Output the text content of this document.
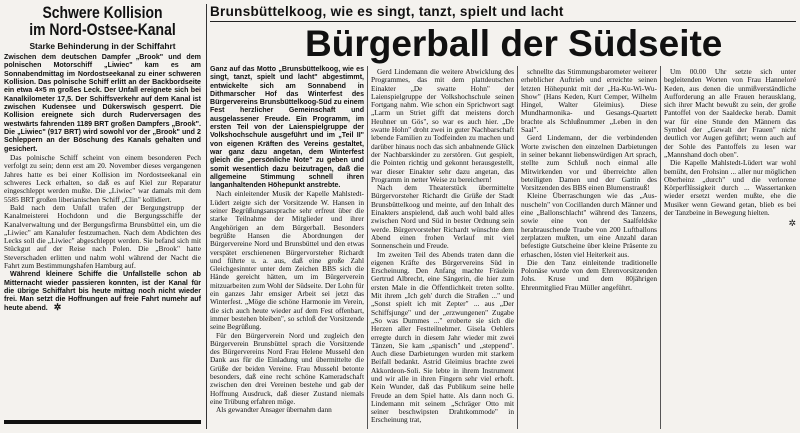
Schwere Kollision
im Nord-Ostsee-Kanal
Starke Behinderung in der Schiffahrt
Zwischen dem deutschen Dampfer „Brook" und dem polnischen Motorschiff „Liwiec" kam es am Sonnabendmittag im Nordostseekanal zu einer schweren Kollision. Das polnische Schiff erlitt an der Backbordseite ein etwa 4×5 m großes Leck. Der Unfall ereignete sich bei Kanalkilometer 17,5. Der Schiffsverkehr auf dem Kanal ist zwischen Kudensee und Dükerswisch gesperrt. Die Kollision ereignete sich durch Ruderversagen des westwärts fahrenden 1189 BRT großen Dampfers „Brook". Die „Liwiec" (917 BRT) wird sowohl vor der „Brook" und 2 Schleppern an der Böschung des Kanals gehalten und gesichert.

Das polnische Schiff scheint von einem besonderen Pech verfolgt zu sein; denn erst am 20. November dieses vergangenen Jahres hatte es bei einer Kollision im Nordostseekanal ein schweres Leck erhalten, so daß es auf Kiel zur Reparatur eingeschleppt werden mußte. Die „Liwiec" war damals mit dem 5585 BRT großen liberianischen Schiff „Clin" kollidiert.

Bald nach dem Unfall trafen der Bergungstrupp der Kanalmeisterei Hochdonn und die Bergungsschiffe der Kanalverwaltung und der Bergungsfirma Brunsbüttel ein, um die „Liwiec" am Kanalufer festzumachen. Nach dem Abdichten des Lecks soll die „Liwiec" abgeschleppt werden. Sie befand sich mit Stückgut auf der Reise nach Polen. Die „Brook" hatte Steverschaden erlitten und nahm wohl während der Nacht die Fahrt zum Bestimmungshafen Hamburg auf.

Während kleinere Schiffe die Unfallstelle schon ab Mitternacht wieder passieren konnten, ist der Kanal für die übrige Schiffahrt bis heute mittag noch nicht wieder frei. Man setzt die Hoffnungen auf freie Fahrt numehr auf heute abend. ✲

Brunsbüttelkoog, wie es singt, tanzt, spielt und lacht
Bürgerball der Südseite
Ganz auf das Motto „Brunsbüttelkoog, wie es singt, tanzt, spielt und lacht" abgestimmt, entwickelte sich am Sonnabend in Dithmarscher Hof das Winterfest des Bürgervereins Brunsbüttelkoog-Süd zu einem Fest herzlicher Gemeinschaft und ausgelassener Freude. Ein Programm, im ersten Teil von der Laienspielgruppe der Volkshochschule ausgeführt und im „Teil II" von eigenen Kräften des Vereins gestaltet, war ganz dazu angetan, dem Winterfest gleich die „persönliche Note" zu geben und somit wesentlich dazu beizutragen, daß die allgemeine Stimmung schnell ihren langanhaltenden Höhepunkt anstrebte.

Nach einleitender Musik der Kapelle Mahlstedt-Lüdert zeigte sich der Vorsitzende W. Hansen in seiner Begrüßungsansprache sehr erfreut über die starke Teilnahme der Mitglieder und ihrer Angehörigen an dem Bürgerball. Besonders begrüßte Hansen die Abordnungen der Bürgervereine Nord und Brunsbüttel und den etwas verspätet erschienenen Bürgervorsteher Richardt und führte u. a. aus, daß eine große Zahl Gleichgesinnter unter dem Zeichen BBS sich die Hände gereicht hätten, um im Bürgerverein mitzuarbeiten zum Wohl der Südseite. Der Lohn für ein ganzes Jahr emsiger Arbeit sei jetzt das Winterfest. „Möge die schöne Harmonie im Verein, die sich auch heute wieder auf dem Fest offenbart, immer bestehen bleiben", so schloß der Vorsitzende seine Begrüßung.

Für den Bürgerverein Nord und zugleich den Bürgerverein Brunsbüttel sprach die Vorsitzende des Bürgervereins Nord Frau Helene Mussehl den Dank aus für die Einladung und übermittelte die Grüße der beiden Vereine. Frau Mussehl betonte besonders, daß eine recht schöne Kameradschaft zwischen den drei Vereinen bestehe und gab der Hoffnung Ausdruck, daß dieser Zustand niemals eine Trübung erfahren möge.

Als gewandter Ansager übernahm dann

Gerd Lindemann die weitere Abwicklung des Programmes, das mit dem plattdeutschen Einakter „De swatte Hohn" der Laienspielgruppe der Volkshochschule seinen Fortgang nahm. Wie schon ein Sprichwort sagt „Larm un Striet gifft dat meistens dorch Heuhner un Gös", so war es auch hier. „De swatte Hohn" droht zwei in guter Nachbarschaft lebende Familien zu Todfeinden zu machen und darüber hinaus noch das sich anbahnende Glück der Nachbarskinder zu zerstören. Gut gespielt, die Pointen richtig und gekonnt herausgestellt, war dieser Einakter sehr dazu angetan, das Programm in netter Weise zu bereichern!

Nach dem Theaterstück übermittelte Bürgervorsteher Richardt die Grüße der Stadt Brunsbüttelkoog und meinte, auf den Inhalt des Einakters anspielend, daß auch wohl bald alles zwischen Nord und Süd in bester Ordnung sein werde. Bürgervorsteher Richardt wünschte dem Abend einen frohen Verlauf mit viel Sonnenschein und Freude.

Im zweiten Teil des Abends traten dann die eigenen Kräfte des Bürgervereins Süd in Erscheinung. Den Anfang machte Fräulein Gertrud Albrecht, eine Sängerin, die hier zum ersten Male in die Öffentlichkeit treten sollte. Mit ihrem „Ich geh' durch die Straßen ..." und „Sonst spielt ich mit Zepter" ... aus „Der Schiffsjunge" und der „erzwungenen" Zugabe „So was Dummes ..." eroberte sie sich die Herzen aller Festteilnehmer. Gisela Oehlers erregte durch in diesem Jahr wieder mit zwei Tänzen, Sie kam „spanisch" und „steppend". Auch diese Darbietungen wurden mit starkem Beifall bedankt. Astrid Gleimius brachte zwei Akkordeon-Soli. Sie lebte in ihrem Instrument und wir alle in ihren Fingern sehr viel erhoft. Kein Wunder, daß das Publikum seine helle Freude an dem Spiel hatte. Als dann noch G. Lindemann mit seinem „Schräger Otto mit seiner beschwipsten Drahtkommode" in Erscheinung trat,

schnellte das Stimmungsbarometer weiterer erheblicher Auftrieb und erreichte seinen letzten Höhepunkt mit der „Ha-Ku-Wi-Wu-Show" (Hans Keden, Kurt Cemper, Wilhelm Hingel, Walter Gleimius). Diese Mundharmonika- und Gesangs-Quartett brachte als Schlußnummer „Leben in den Saal".

Gerd Lindemann, der die verbindenden Worte zwischen den einzelnen Darbietungen in seiner bekannt liebenswürdigen Art sprach, stellte zum Schluß noch einmal alle Mitwirkenden vor und überreichte allen beteiligten Damen und der Gattin des Vorsitzenden des BBS einen Blumenstrauß!

Kleine Überraschungen wie das „Aus-nuscheln" von Cocillanden durch Männer und eine „Ballonschlacht" während des Tanzens, sowie eine von der Saalfeldske herabrauschende Traube von 200 Luftballons zerplatzen mußten, um eine Anzahl daran befestigte Gutscheine über kleine Präsente zu erhaschen, lösten viel Heiterkeit aus.

Die den Tanz einleitende traditionelle Polonäse wurde von dem Ehrenvorsitzenden Johs. Kruse und dem 80jährigen Ehrenmitglied Frau Müller angeführt.

Um 00.00 Uhr setzte sich unter begleitenden Worten von Frau Hanneloré Keden, aus denen die unmißverständliche Aufforderung an alle Frauen herausklang, sich ihrer Macht bewußt zu sein, der große Pantoffel von der Saaldecke herab. Damit war für eine Stunde den Männern das Symbol der „Gewalt der Frauen" nicht deutlich vor Augen geführt; wenn auch auf der Sohle des Pantoffels zu lesen war „Mannshand doch oben".

Die Kapelle Mahlstedt-Lüdert war wohl bemüht, den Frohsinn ... aller nur möglichen Oberheinz „durch" und die verlorene Körperflüssigkeit durch ... Wassertanken wieder ersetzt werden mußte, ehe die Musiker wenn Gewand getan, blieb es bei der Tanzbeine in Bewegung hielten.

✲
